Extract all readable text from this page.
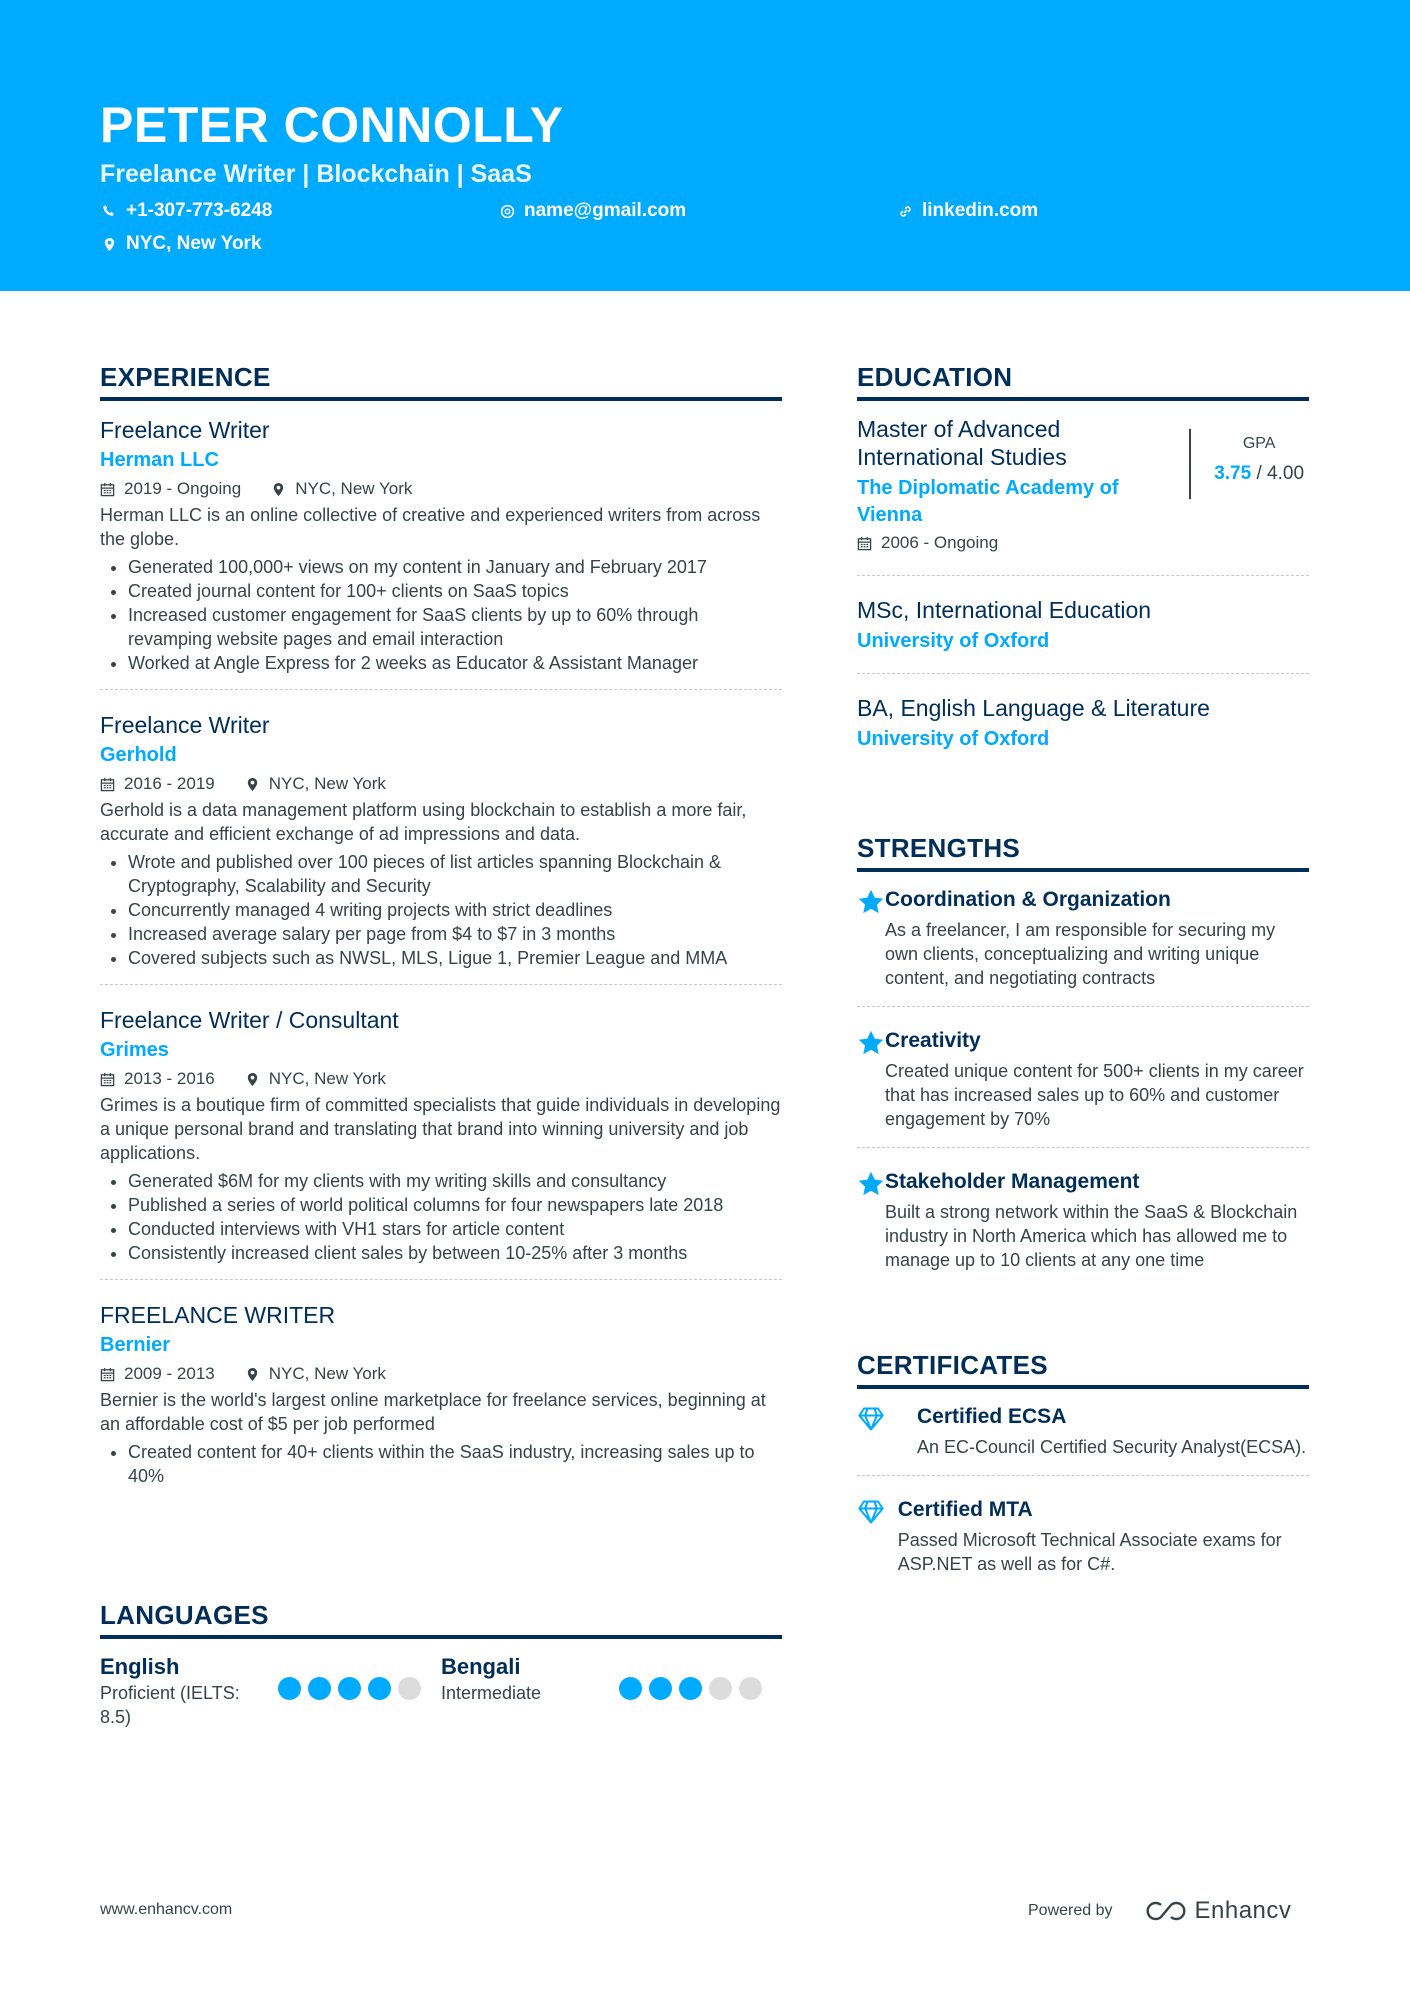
PETER CONNOLLY
Freelance Writer | Blockchain | SaaS
+1-307-773-6248	name@gmail.com	linkedin.com
NYC, New York
EXPERIENCE
Freelance Writer
Herman LLC
2019 - Ongoing	NYC, New York
Herman LLC is an online collective of creative and experienced writers from across the globe.
• Generated 100,000+ views on my content in January and February 2017
• Created journal content for 100+ clients on SaaS topics
• Increased customer engagement for SaaS clients by up to 60% through revamping website pages and email interaction
• Worked at Angle Express for 2 weeks as Educator & Assistant Manager
Freelance Writer
Gerhold
2016 - 2019	NYC, New York
Gerhold is a data management platform using blockchain to establish a more fair, accurate and efficient exchange of ad impressions and data.
• Wrote and published over 100 pieces of list articles spanning Blockchain & Cryptography, Scalability and Security
• Concurrently managed 4 writing projects with strict deadlines
• Increased average salary per page from $4 to $7 in 3 months
• Covered subjects such as NWSL, MLS, Ligue 1, Premier League and MMA
Freelance Writer / Consultant
Grimes
2013 - 2016	NYC, New York
Grimes is a boutique firm of committed specialists that guide individuals in developing a unique personal brand and translating that brand into winning university and job applications.
• Generated $6M for my clients with my writing skills and consultancy
• Published a series of world political columns for four newspapers late 2018
• Conducted interviews with VH1 stars for article content
• Consistently increased client sales by between 10-25% after 3 months
FREELANCE WRITER
Bernier
2009 - 2013	NYC, New York
Bernier is the world's largest online marketplace for freelance services, beginning at an affordable cost of $5 per job performed
• Created content for 40+ clients within the SaaS industry, increasing sales up to 40%
LANGUAGES
English
Proficient (IELTS: 8.5)
Bengali
Intermediate
EDUCATION
Master of Advanced International Studies
The Diplomatic Academy of Vienna
2006 - Ongoing
GPA
3.75 / 4.00
MSc, International Education
University of Oxford
BA, English Language & Literature
University of Oxford
STRENGTHS
Coordination & Organization
As a freelancer, I am responsible for securing my own clients, conceptualizing and writing unique content, and negotiating contracts
Creativity
Created unique content for 500+ clients in my career that has increased sales up to 60% and customer engagement by 70%
Stakeholder Management
Built a strong network within the SaaS & Blockchain industry in North America which has allowed me to manage up to 10 clients at any one time
CERTIFICATES
Certified ECSA
An EC-Council Certified Security Analyst(ECSA).
Certified MTA
Passed Microsoft Technical Associate exams for ASP.NET as well as for C#.
www.enhancv.com	Powered by	Enhancv
